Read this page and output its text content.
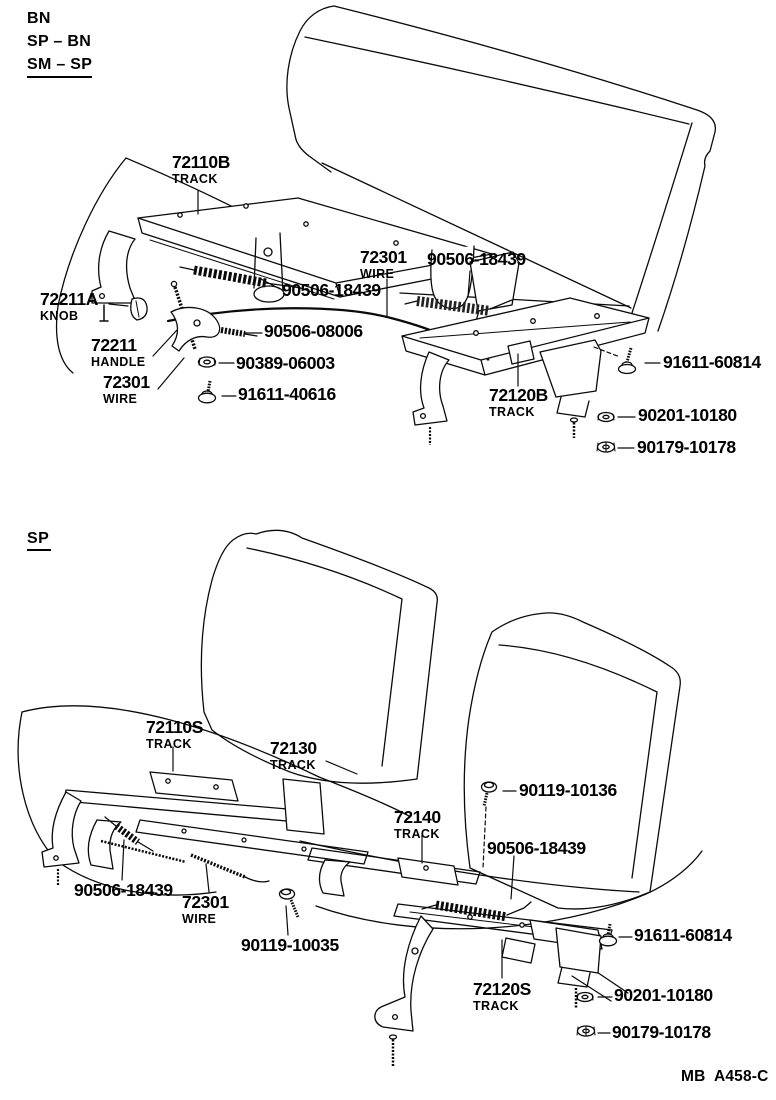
BN
SP – BN
SM – SP
72110B
TRACK
72301
WIRE
90506-18439
90506-18439
72211A
KNOB
90506-08006
72211
HANDLE	90389-06003
72301
WIRE	91611-40616	72120B
TRACK
91611-60814
90201-10180
90179-10178
SP
72110S
TRACK	72130
TRACK
90119-10136
72140
TRACK
90506-18439
90506-18439
72301
WIRE
90119-10035	91611-60814
72120S
TRACK
90201-10180
90179-10178
MB  A458-C
